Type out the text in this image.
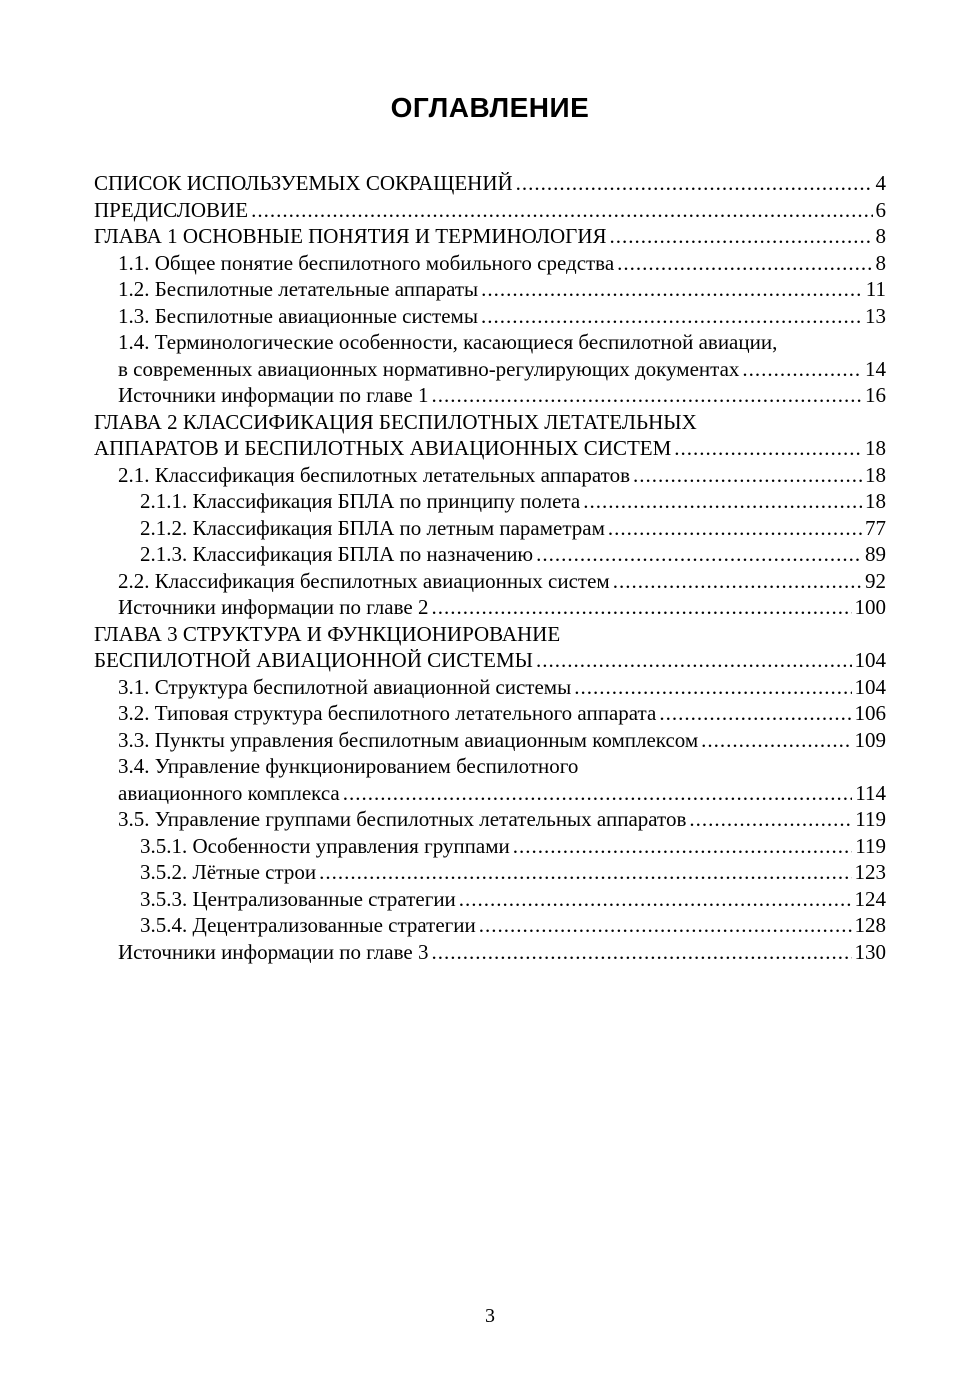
ОГЛАВЛЕНИЕ
СПИСОК ИСПОЛЬЗУЕМЫХ СОКРАЩЕНИЙ .....	4
ПРЕДИСЛОВИЕ .....	6
ГЛАВА 1 ОСНОВНЫЕ ПОНЯТИЯ И ТЕРМИНОЛОГИЯ .....	8
1.1. Общее понятие беспилотного мобильного средства .....	8
1.2. Беспилотные летательные аппараты .....	11
1.3. Беспилотные авиационные системы .....	13
1.4. Терминологические особенности, касающиеся беспилотной авиации,
в современных авиационных нормативно-регулирующих документах .....	14
Источники информации по главе 1 .....	16
ГЛАВА 2 КЛАССИФИКАЦИЯ БЕСПИЛОТНЫХ ЛЕТАТЕЛЬНЫХ
АППАРАТОВ И БЕСПИЛОТНЫХ АВИАЦИОННЫХ СИСТЕМ .....	18
2.1. Классификация беспилотных летательных аппаратов .....	18
2.1.1. Классификация БПЛА по принципу полета .....	18
2.1.2. Классификация БПЛА по летным параметрам .....	77
2.1.3. Классификация БПЛА по назначению .....	89
2.2. Классификация беспилотных авиационных систем .....	92
Источники информации по главе 2 .....	100
ГЛАВА 3 СТРУКТУРА И ФУНКЦИОНИРОВАНИЕ
БЕСПИЛОТНОЙ АВИАЦИОННОЙ СИСТЕМЫ .....	104
3.1. Структура беспилотной авиационной системы .....	104
3.2. Типовая структура беспилотного летательного аппарата .....	106
3.3. Пункты управления беспилотным авиационным комплексом .....	109
3.4. Управление функционированием беспилотного
авиационного комплекса .....	114
3.5. Управление группами беспилотных летательных аппаратов .....	119
3.5.1. Особенности управления группами .....	119
3.5.2. Лётные строи .....	123
3.5.3. Централизованные стратегии .....	124
3.5.4. Децентрализованные стратегии .....	128
Источники информации по главе 3 .....	130
3
